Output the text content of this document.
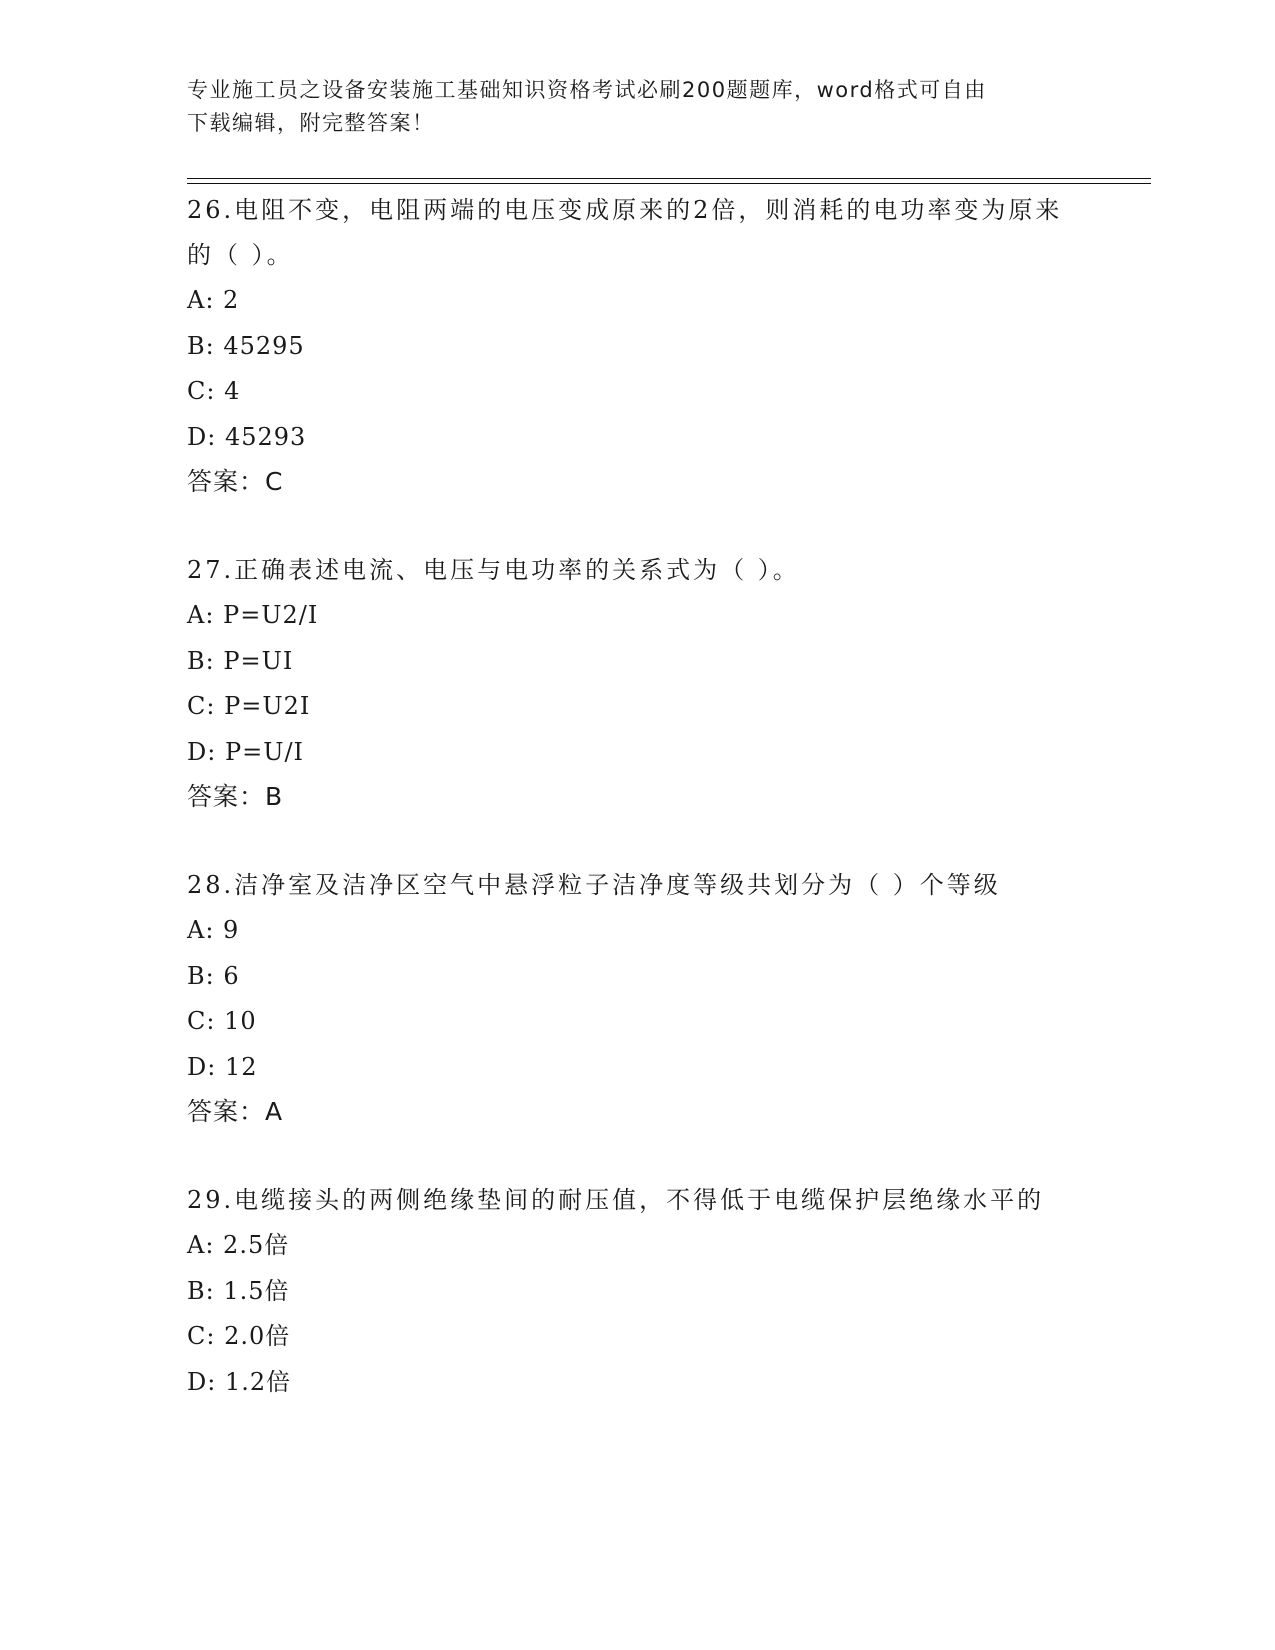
专业施工员之设备安装施工基础知识资格考试必刷200题题库，word格式可自由
下载编辑，附完整答案！

26.电阻不变，电阻两端的电压变成原来的2倍，则消耗的电功率变为原来的（ ）。

A: 2

B: 45295

C: 4

D: 45293

答案：C

27.正确表述电流、电压与电功率的关系式为（ ）。

A: P=U2/I

B: P=UI

C: P=U2I

D: P=U/I

答案：B

28.洁净室及洁净区空气中悬浮粒子洁净度等级共划分为（ ）个等级

A: 9

B: 6

C: 10

D: 12

答案：A

29.电缆接头的两侧绝缘垫间的耐压值，不得低于电缆保护层绝缘水平的

A: 2.5倍

B: 1.5倍

C: 2.0倍

D: 1.2倍
